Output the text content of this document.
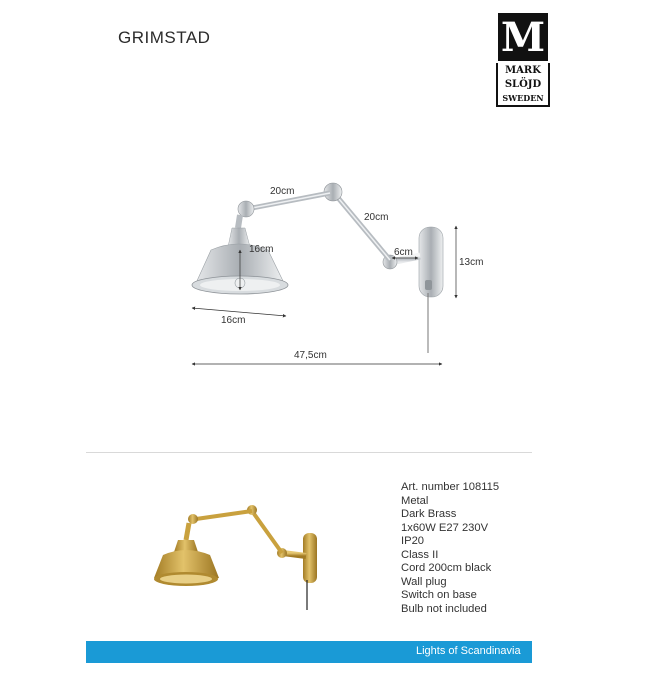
GRIMSTAD	M
MARK
SLÖJD
SWEDEN
20cm
20cm
16cm
16cm
6cm
13cm
47,5cm
Art. number 108115
Metal
Dark Brass
1x60W E27 230V
IP20
Class II
Cord 200cm black
Wall plug
Switch on base
Bulb not included
Lights of Scandinavia
